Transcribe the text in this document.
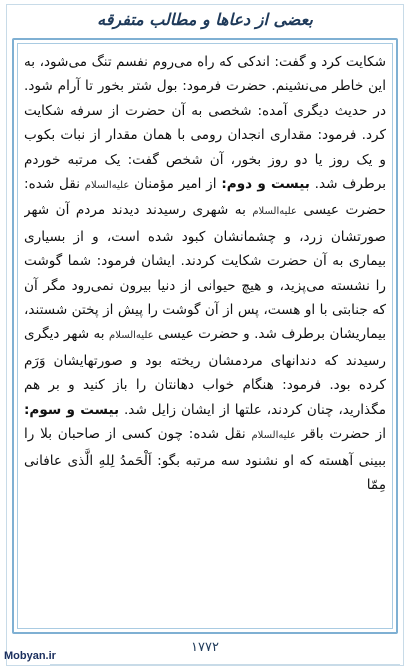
بعضی از دعاها و مطالب متفرقه
شکایت کرد و گفت: اندکی که راه می‌روم نفسم تنگ می‌شود، به این خاطر می‌نشینم. حضرت فرمود: بول شتر بخور تا آرام شود. در حدیث دیگری آمده: شخصی به آن حضرت از سرفه شکایت کرد. فرمود: مقداری انجدان رومی با همان مقدار از نبات بکوب و یک روز یا دو روز بخور، آن شخص گفت: یک مرتبه خوردم برطرف شد. بیست و دوم: از امیر مؤمنان علیه‌السلام نقل شده: حضرت عیسی علیه‌السلام به شهری رسیدند دیدند مردم آن شهر صورتشان زرد، و چشمانشان کبود شده است، و از بسیاری بیماری به آن حضرت شکایت کردند. ایشان فرمود: شما گوشت را نشسته می‌پزید، و هیچ حیوانی از دنیا بیرون نمی‌رود مگر آن که جنابتی با او هست، پس از آن گوشت را پیش از پختن شستند، بیماریشان برطرف شد. و حضرت عیسی علیه‌السلام به شهر دیگری رسیدند که دندانهای مردمشان ریخته بود و صورتهایشان وَرَم کرده بود. فرمود: هنگام خواب دهانتان را باز کنید و بر هم مگذارید، چنان کردند، علتها از ایشان زایل شد. بیست و سوم: از حضرت باقر علیه‌السلام نقل شده: چون کسی از صاحبان بلا را ببینی آهسته که او نشنود سه مرتبه بگو: اَلْحَمدُ لِلهِ الَّذی عافانی مِمّا
۱۷۷۲
Mobyan.ir
